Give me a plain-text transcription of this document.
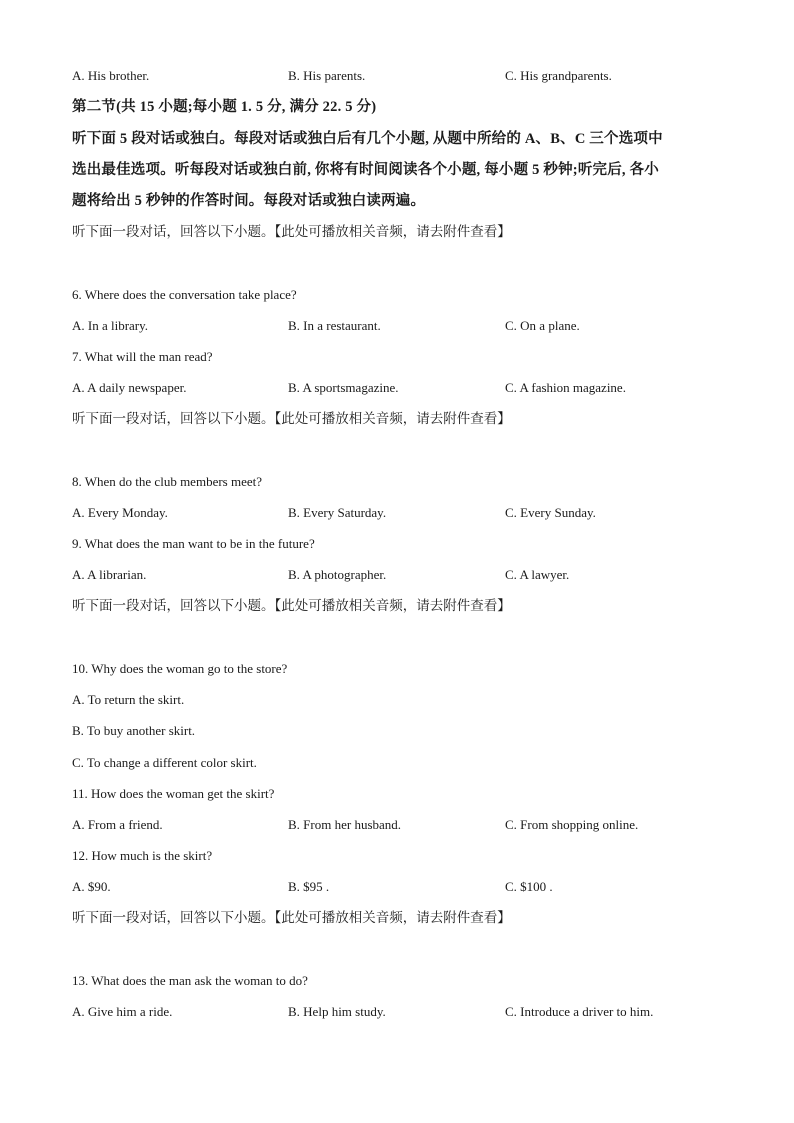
A. His brother.	B. His parents.	C. His grandparents.
第二节(共 15 小题;每小题 1. 5 分, 满分 22. 5 分)
听下面 5 段对话或独白。每段对话或独白后有几个小题, 从题中所给的 A、B、C 三个选项中
选出最佳选项。听每段对话或独白前, 你将有时间阅读各个小题, 每小题 5 秒钟;听完后, 各小
题将给出 5 秒钟的作答时间。每段对话或独白读两遍。
听下面一段对话，回答以下小题。【此处可播放相关音频，请去附件查看】
6. Where does the conversation take place?
A. In a library.	B. In a restaurant.	C. On a plane.
7. What will the man read?
A. A daily newspaper.	B. A sportsmagazine.	C. A fashion magazine.
听下面一段对话，回答以下小题。【此处可播放相关音频，请去附件查看】
8. When do the club members meet?
A. Every Monday.	B. Every Saturday.	C. Every Sunday.
9. What does the man want to be in the future?
A. A librarian.	B. A photographer.	C. A lawyer.
听下面一段对话，回答以下小题。【此处可播放相关音频，请去附件查看】
10. Why does the woman go to the store?
A. To return the skirt.
B. To buy another skirt.
C. To change a different color skirt.
11. How does the woman get the skirt?
A. From a friend.	B. From her husband.	C. From shopping online.
12. How much is the skirt?
A. $90.	B. $95 .	C. $100 .
听下面一段对话，回答以下小题。【此处可播放相关音频，请去附件查看】
13. What does the man ask the woman to do?
A. Give him a ride.	B. Help him study.	C. Introduce a driver to him.
